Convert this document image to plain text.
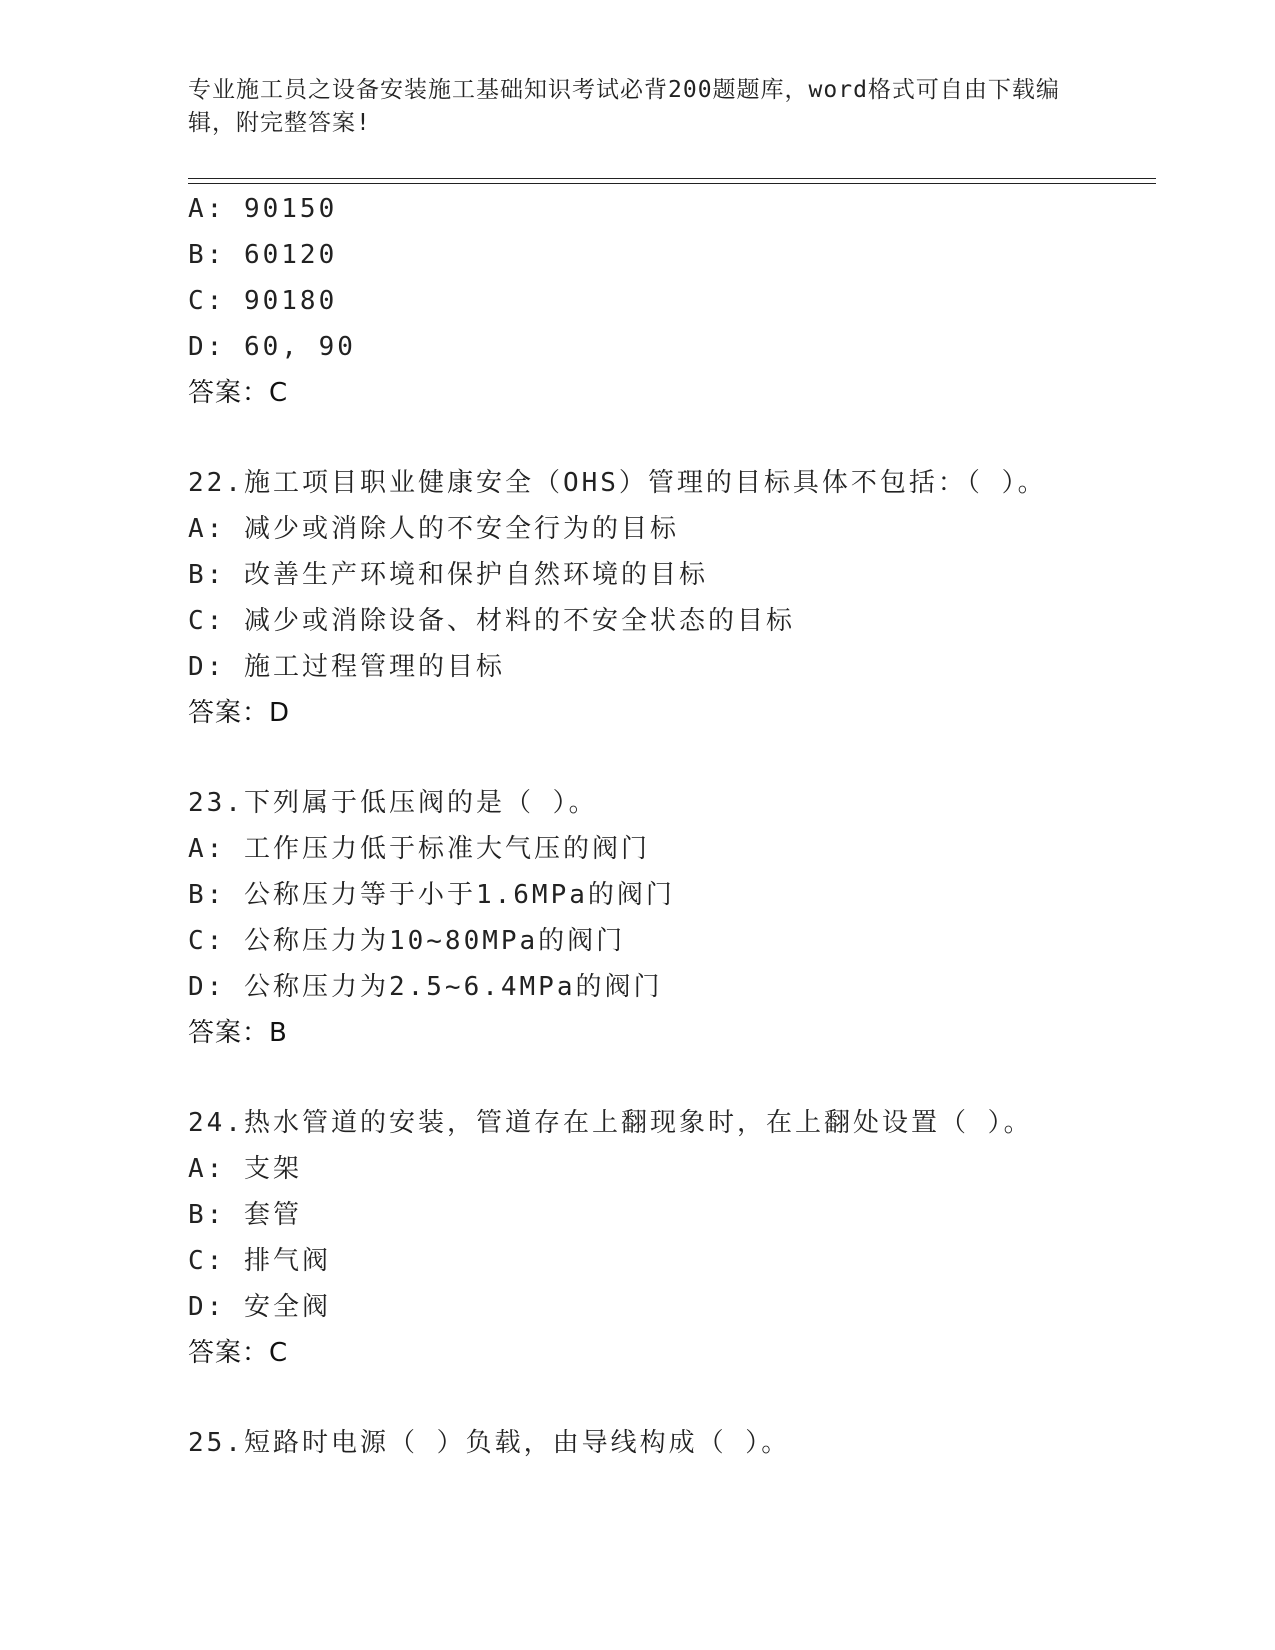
专业施工员之设备安装施工基础知识考试必背200题题库，word格式可自由下载编辑，附完整答案!
A: 90150
B: 60120
C: 90180
D: 60, 90
答案：C
22.施工项目职业健康安全（OHS）管理的目标具体不包括：（ ）。
A: 减少或消除人的不安全行为的目标
B: 改善生产环境和保护自然环境的目标
C: 减少或消除设备、材料的不安全状态的目标
D: 施工过程管理的目标
答案：D
23.下列属于低压阀的是（ ）。
A: 工作压力低于标准大气压的阀门
B: 公称压力等于小于1.6MPa的阀门
C: 公称压力为10~80MPa的阀门
D: 公称压力为2.5~6.4MPa的阀门
答案：B
24.热水管道的安装，管道存在上翻现象时，在上翻处设置（ ）。
A: 支架
B: 套管
C: 排气阀
D: 安全阀
答案：C
25.短路时电源（ ）负载，由导线构成（ ）。
